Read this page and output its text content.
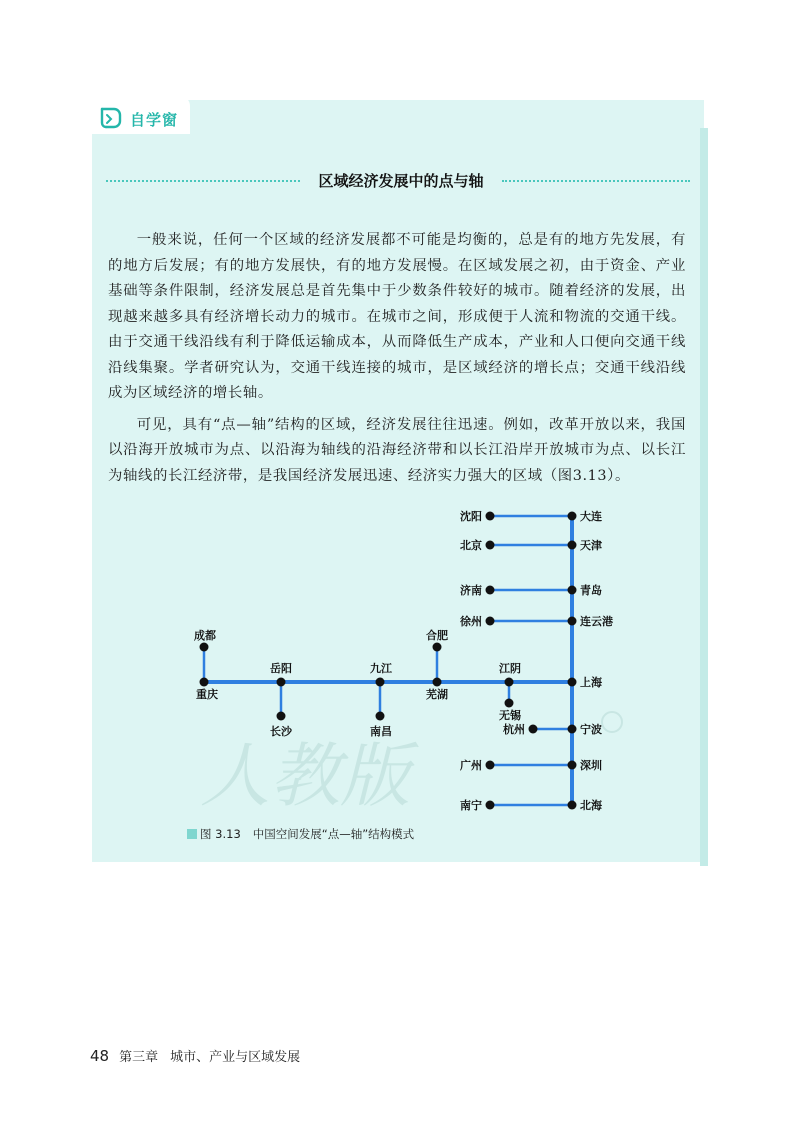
自学窗
区域经济发展中的点与轴

一般来说，任何一个区域的经济发展都不可能是均衡的，总是有的地方先发展，有的地方后发展；有的地方发展快，有的地方发展慢。在区域发展之初，由于资金、产业基础等条件限制，经济发展总是首先集中于少数条件较好的城市。随着经济的发展，出现越来越多具有经济增长动力的城市。在城市之间，形成便于人流和物流的交通干线。由于交通干线沿线有利于降低运输成本，从而降低生产成本，产业和人口便向交通干线沿线集聚。学者研究认为，交通干线连接的城市，是区域经济的增长点；交通干线沿线成为区域经济的增长轴。

可见，具有“点—轴”结构的区域，经济发展往往迅速。例如，改革开放以来，我国以沿海开放城市为点、以沿海为轴线的沿海经济带和以长江沿岸开放城市为点、以长江为轴线的长江经济带，是我国经济发展迅速、经济实力强大的区域（图3.13）。

人教版
大连
天津
青岛
连云港
上海
宁波
深圳
北海
沈阳
北京
济南
徐州
杭州
广州
南宁
重庆
岳阳	九江
芜湖
江阴
成都
长沙	南昌
合肥
无锡
图 3.13 中国空间发展“点—轴”结构模式
48 第三章 城市、产业与区域发展
